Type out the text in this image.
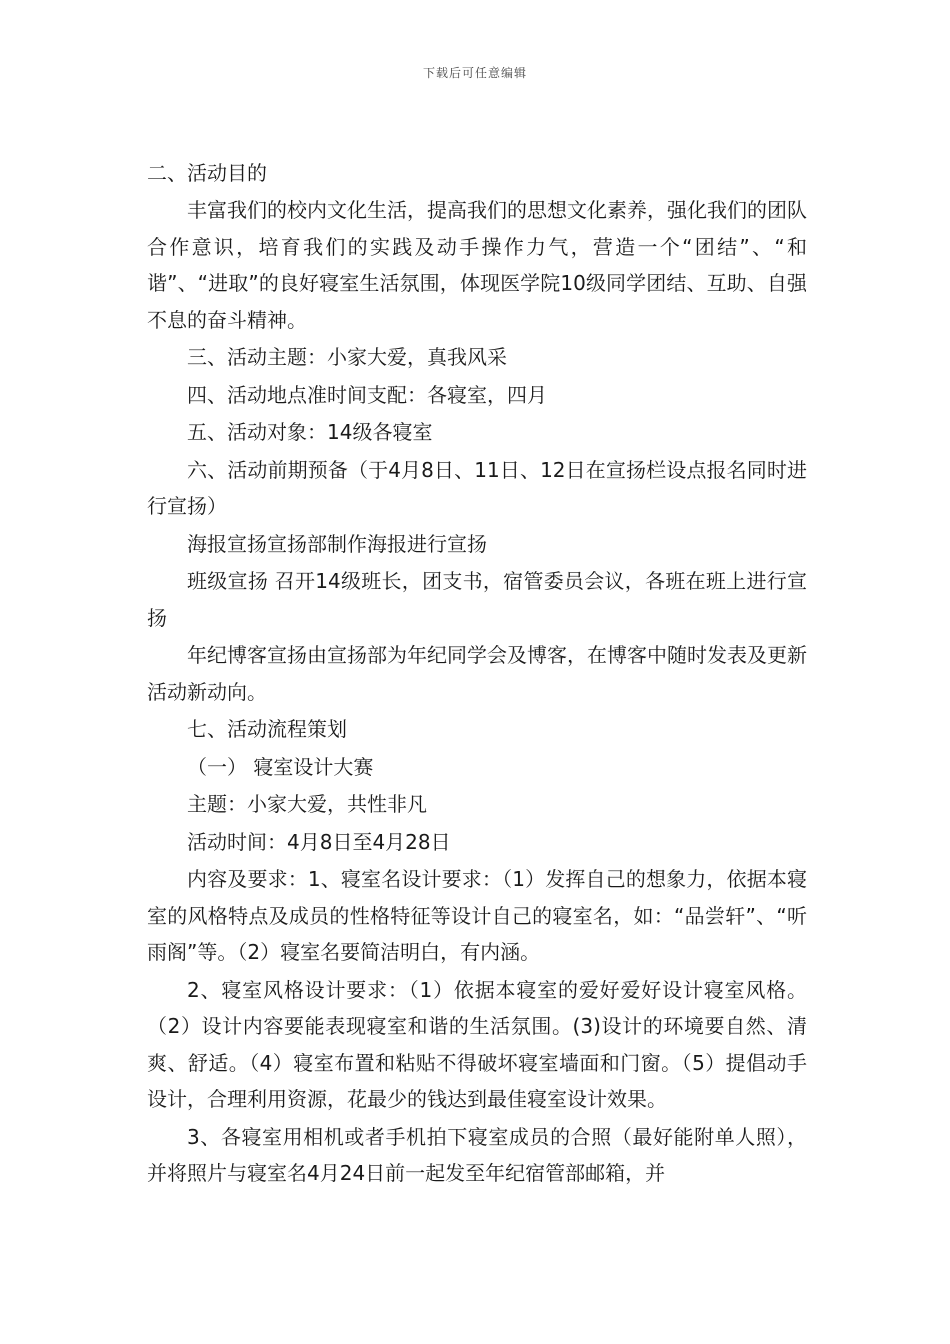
下载后可任意编辑
二、活动目的

丰富我们的校内文化生活，提高我们的思想文化素养，强化我们的团队合作意识，培育我们的实践及动手操作力气，营造一个“团结”、“和谐”、“进取”的良好寝室生活氛围，体现医学院10级同学团结、互助、自强不息的奋斗精神。

三、活动主题：小家大爱，真我风采
四、活动地点准时间支配：各寝室，四月
五、活动对象：14级各寝室

六、活动前期预备（于4月8日、11日、12日在宣扬栏设点报名同时进行宣扬）

海报宣扬宣扬部制作海报进行宣扬

班级宣扬 召开14级班长，团支书，宿管委员会议，各班在班上进行宣扬

年纪博客宣扬由宣扬部为年纪同学会及博客，在博客中随时发表及更新活动新动向。

七、活动流程策划
（一） 寝室设计大赛
主题：小家大爱，共性非凡
活动时间：4月8日至4月28日

内容及要求：1、寝室名设计要求：（1）发挥自己的想象力，依据本寝室的风格特点及成员的性格特征等设计自己的寝室名，如：“品尝轩”、“听雨阁”等。（2）寝室名要简洁明白，有内涵。

2、寝室风格设计要求：（1）依据本寝室的爱好爱好设计寝室风格。（2）设计内容要能表现寝室和谐的生活氛围。(3)设计的环境要自然、清爽、舒适。（4）寝室布置和粘贴不得破坏寝室墙面和门窗。（5）提倡动手设计，合理利用资源，花最少的钱达到最佳寝室设计效果。

3、各寝室用相机或者手机拍下寝室成员的合照（最好能附单人照），并将照片与寝室名4月24日前一起发至年纪宿管部邮箱，并
